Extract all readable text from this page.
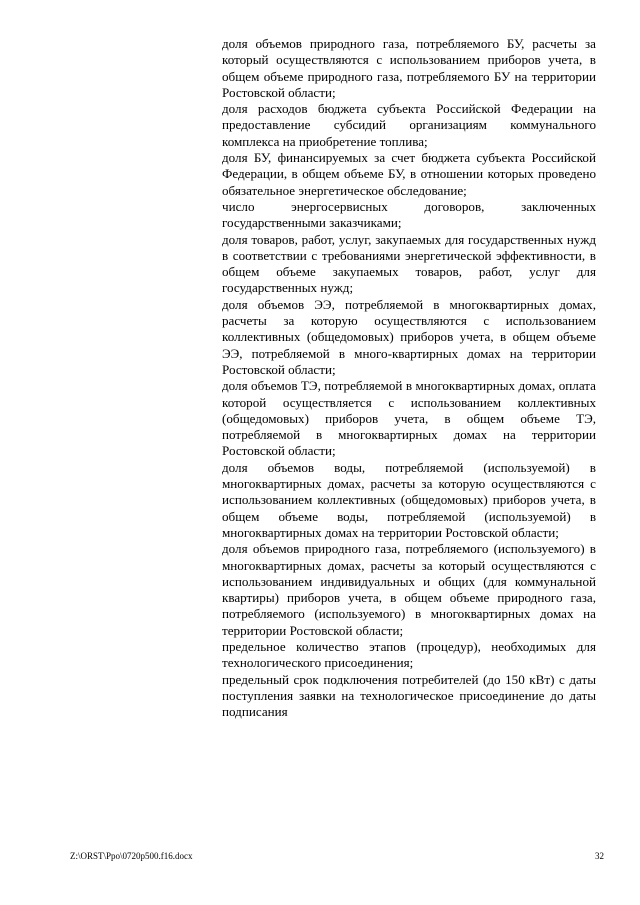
доля объемов природного газа, потребляемого БУ, расчеты за который осуществляются с использованием приборов учета, в общем объеме природного газа, потребляемого БУ на территории Ростовской области;

доля расходов бюджета субъекта Российской Федерации на предоставление субсидий организациям коммунального комплекса на приобретение топлива;

доля БУ, финансируемых за счет бюджета субъекта Российской Федерации, в общем объеме БУ, в отношении которых проведено обязательное энергетическое обследование;

число энергосервисных договоров, заключенных государственными заказчиками;

доля товаров, работ, услуг, закупаемых для государственных нужд в соответствии с требованиями энергетической эффективности, в общем объеме закупаемых товаров, работ, услуг для государственных нужд;

доля объемов ЭЭ, потребляемой в многоквартирных домах, расчеты за которую осуществляются с использованием коллективных (общедомовых) приборов учета, в общем объеме ЭЭ, потребляемой в много-квартирных домах на территории Ростовской области;

доля объемов ТЭ, потребляемой в многоквартирных домах, оплата которой осуществляется с использованием коллективных (общедомовых) приборов учета, в общем объеме ТЭ, потребляемой в многоквартирных домах на территории Ростовской области;

доля объемов воды, потребляемой (используемой) в многоквартирных домах, расчеты за которую осуществляются с использованием коллективных (общедомовых) приборов учета, в общем объеме воды, потребляемой (используемой) в многоквартирных домах на территории Ростовской области;

доля объемов природного газа, потребляемого (используемого) в многоквартирных домах, расчеты за который осуществляются с использованием индивидуальных и общих (для коммунальной квартиры) приборов учета, в общем объеме природного газа, потребляемого (используемого) в многоквартирных домах на территории Ростовской области;

предельное количество этапов (процедур), необходимых для технологического присоединения;

предельный срок подключения потребителей (до 150 кВт) с даты поступления заявки на технологическое присоединение до даты подписания

Z:\ORST\Ppo\0720p500.f16.docx	32
